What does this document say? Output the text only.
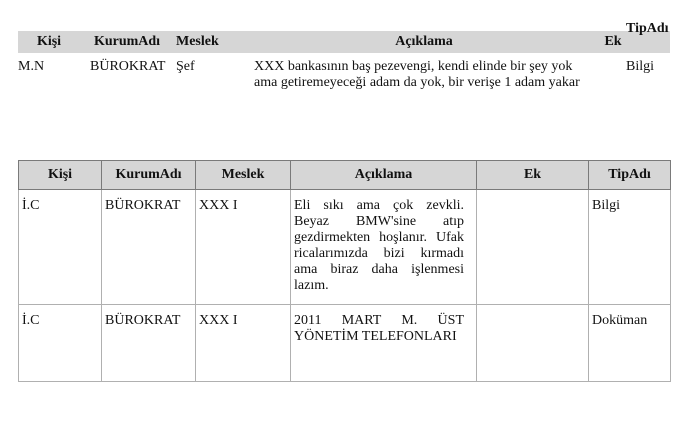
Kişi	KurumAdı	Meslek	Açıklama	Ek	TipAdı
M.N	BÜROKRAT	Şef	XXX bankasının baş pezevengi, kendi elinde bir şey yok ama getiremeyeceği adam da yok, bir verişe 1 adam yakar		Bilgi
Kişi	KurumAdı	Meslek	Açıklama	Ek	TipAdı
İ.C	BÜROKRAT	XXX I	Eli sıkı ama çok zevkli. Beyaz BMW'sine atıp gezdirmekten hoşlanır. Ufak ricalarımızda bizi kırmadı ama biraz daha işlenmesi lazım.		Bilgi
İ.C	BÜROKRAT	XXX I	2011 MART M. ÜST YÖNETİM TELEFONLARI		Doküman
